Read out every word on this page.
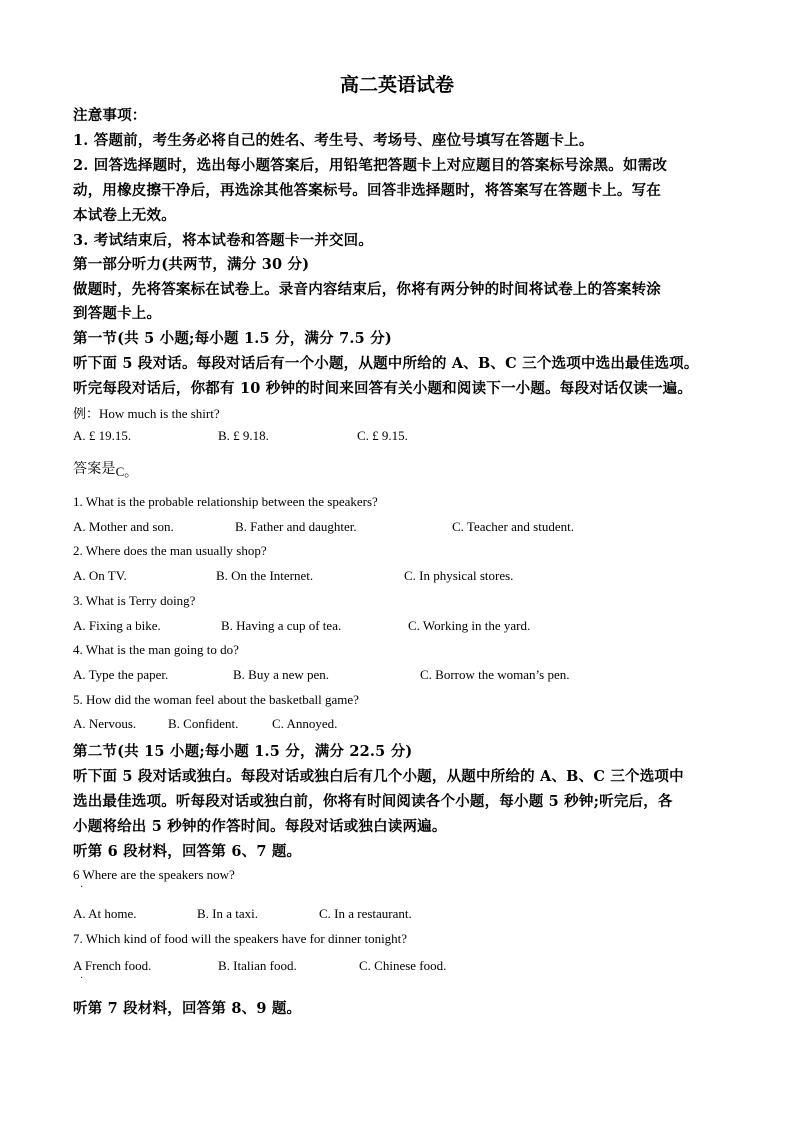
高二英语试卷
注意事项：
1. 答题前，考生务必将自己的姓名、考生号、考场号、座位号填写在答题卡上。
2. 回答选择题时，选出每小题答案后，用铅笔把答题卡上对应题目的答案标号涂黑。如需改
动，用橡皮擦干净后，再选涂其他答案标号。回答非选择题时，将答案写在答题卡上。写在
本试卷上无效。
3. 考试结束后，将本试卷和答题卡一并交回。
第一部分听力(共两节，满分 30 分)
做题时，先将答案标在试卷上。录音内容结束后，你将有两分钟的时间将试卷上的答案转涂
到答题卡上。
第一节(共 5 小题;每小题 1.5 分，满分 7.5 分)
听下面 5 段对话。每段对话后有一个小题，从题中所给的 A、B、C 三个选项中选出最佳选项。
听完每段对话后，你都有 10 秒钟的时间来回答有关小题和阅读下一小题。每段对话仅读一遍。
例：How much is the shirt?
A. £ 19.15.	B. £ 9.18.	C. £ 9.15.
答案是C。
1. What is the probable relationship between the speakers?
A. Mother and son.	B. Father and daughter.	C. Teacher and student.
2. Where does the man usually shop?
A. On TV.	B. On the Internet.	C. In physical stores.
3. What is Terry doing?
A. Fixing a bike.	B. Having a cup of tea.	C. Working in the yard.
4. What is the man going to do?
A. Type the paper.	B. Buy a new pen.	C. Borrow the woman’s pen.
5. How did the woman feel about the basketball game?
A. Nervous. B. Confident.	C. Annoyed.
第二节(共 15 小题;每小题 1.5 分，满分 22.5 分)
听下面 5 段对话或独白。每段对话或独白后有几个小题，从题中所给的 A、B、C 三个选项中
选出最佳选项。听每段对话或独白前，你将有时间阅读各个小题，每小题 5 秒钟;听完后，各
小题将给出 5 秒钟的作答时间。每段对话或独白读两遍。
听第 6 段材料，回答第 6、7 题。
6 Where are the speakers now?
·
A. At home.	B. In a taxi.	C. In a restaurant.
7. Which kind of food will the speakers have for dinner tonight?
A French food.	B. Italian food.	C. Chinese food.
·
听第 7 段材料，回答第 8、9 题。
